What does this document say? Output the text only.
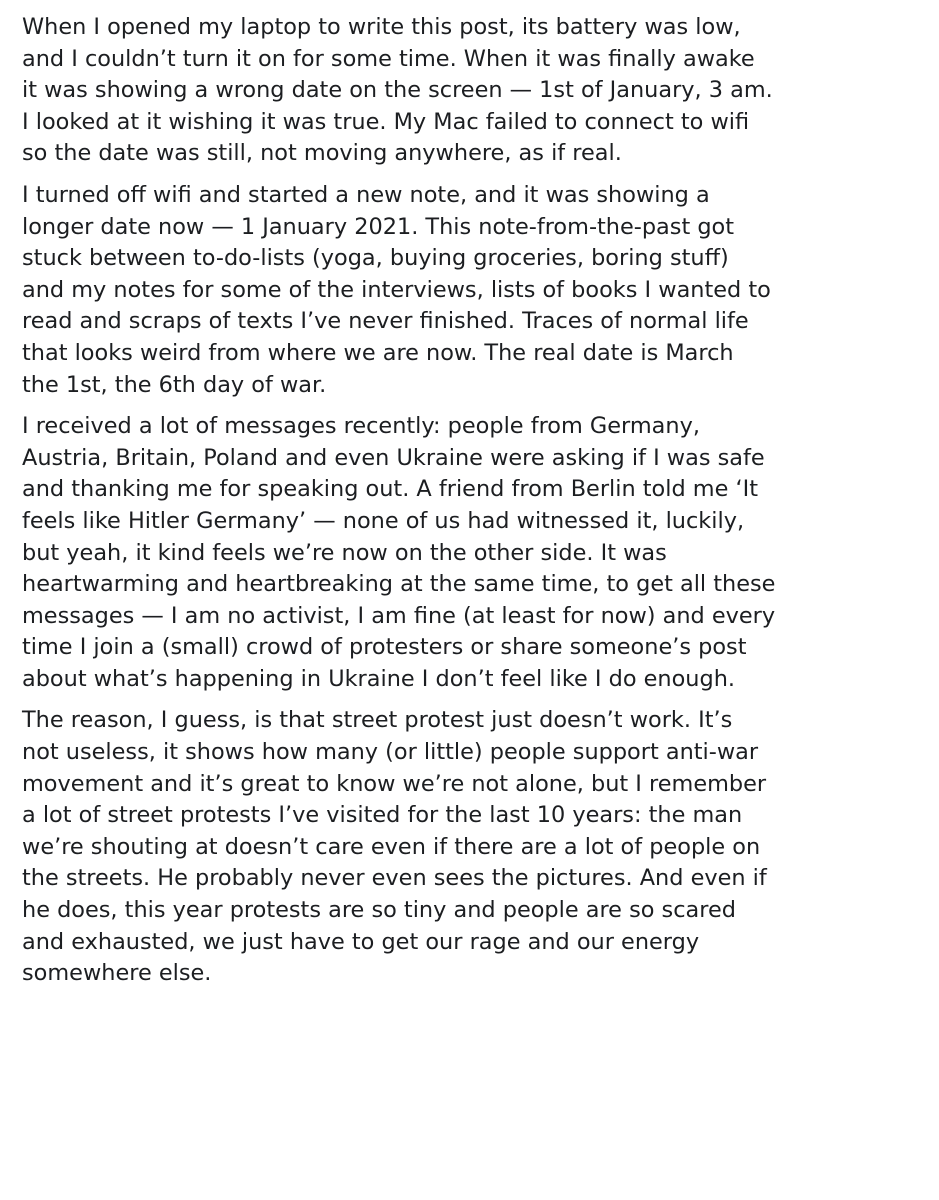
When I opened my laptop to write this post, its battery was low,
and I couldn’t turn it on for some time. When it was finally awake
it was showing a wrong date on the screen — 1st of January, 3 am.
I looked at it wishing it was true. My Mac failed to connect to wifi
so the date was still, not moving anywhere, as if real.

I turned off wifi and started a new note, and it was showing a
longer date now — 1 January 2021. This note-from-the-past got
stuck between to-do-lists (yoga, buying groceries, boring stuff)
and my notes for some of the interviews, lists of books I wanted to
read and scraps of texts I’ve never finished. Traces of normal life
that looks weird from where we are now. The real date is March
the 1st, the 6th day of war.

I received a lot of messages recently: people from Germany,
Austria, Britain, Poland and even Ukraine were asking if I was safe
and thanking me for speaking out. A friend from Berlin told me ‘It
feels like Hitler Germany’ — none of us had witnessed it, luckily,
but yeah, it kind feels we’re now on the other side. It was
heartwarming and heartbreaking at the same time, to get all these
messages — I am no activist, I am fine (at least for now) and every
time I join a (small) crowd of protesters or share someone’s post
about what’s happening in Ukraine I don’t feel like I do enough.

The reason, I guess, is that street protest just doesn’t work. It’s
not useless, it shows how many (or little) people support anti-war
movement and it’s great to know we’re not alone, but I remember
a lot of street protests I’ve visited for the last 10 years: the man
we’re shouting at doesn’t care even if there are a lot of people on
the streets. He probably never even sees the pictures. And even if
he does, this year protests are so tiny and people are so scared
and exhausted, we just have to get our rage and our energy
somewhere else.
